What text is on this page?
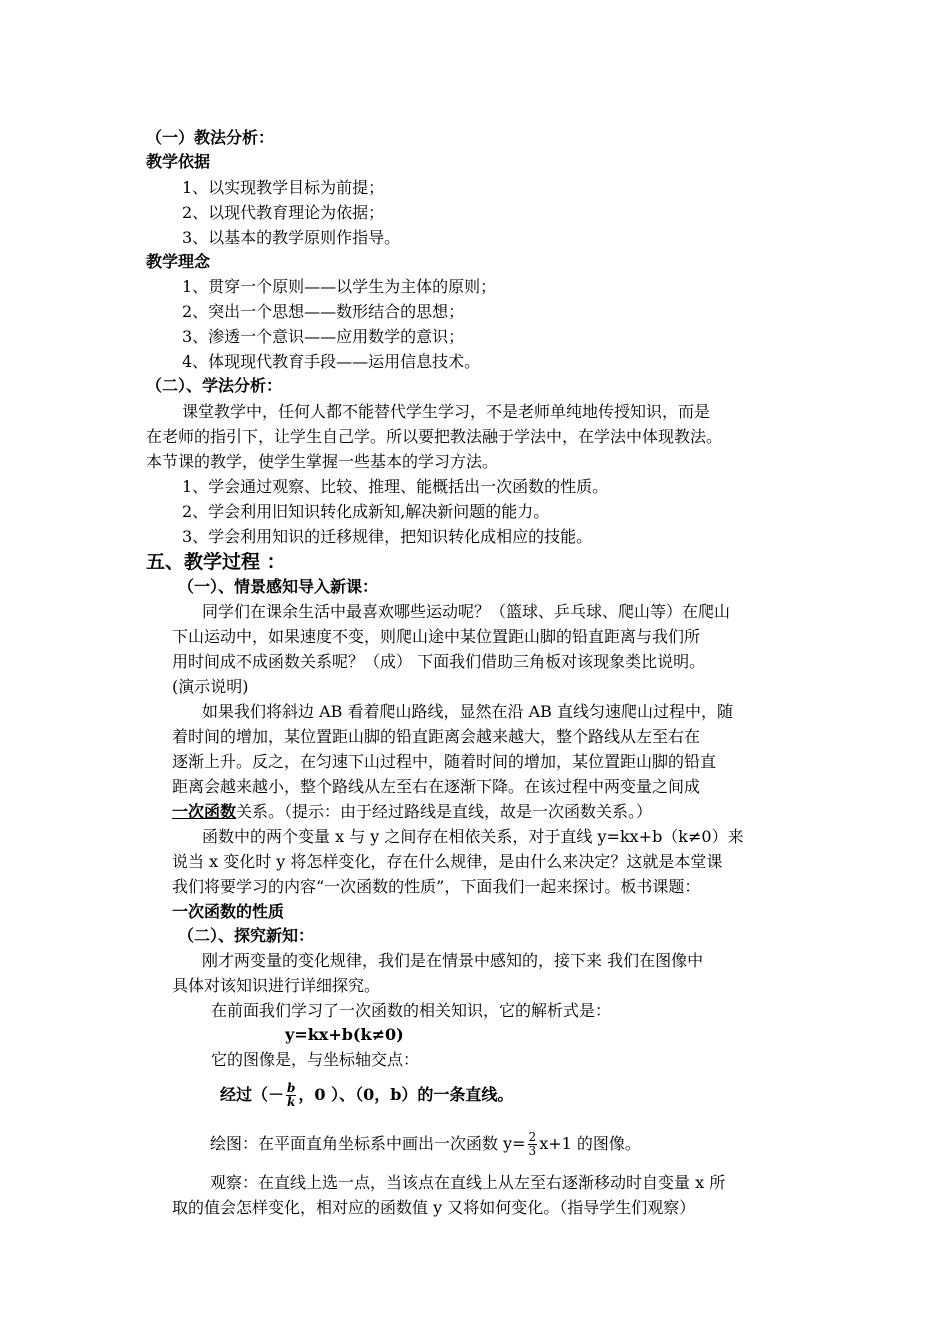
（一）教法分析：
教学依据
1、以实现教学目标为前提；
2、以现代教育理论为依据；
3、以基本的教学原则作指导。
教学理念
1、贯穿一个原则——以学生为主体的原则；
2、突出一个思想——数形结合的思想；
3、渗透一个意识——应用数学的意识；
4、体现现代教育手段——运用信息技术。
（二）、学法分析：
课堂教学中，任何人都不能替代学生学习，不是老师单纯地传授知识，而是
在老师的指引下，让学生自己学。所以要把教法融于学法中，在学法中体现教法。
本节课的教学，使学生掌握一些基本的学习方法。
1、学会通过观察、比较、推理、能概括出一次函数的性质。
2、学会利用旧知识转化成新知,解决新问题的能力。
3、学会利用知识的迁移规律，把知识转化成相应的技能。
五、教学过程 ：
（一）、情景感知导入新课：
同学们在课余生活中最喜欢哪些运动呢？（篮球、乒乓球、爬山等）在爬山
下山运动中，如果速度不变，则爬山途中某位置距山脚的铅直距离与我们所
用时间成不成函数关系呢？（成） 下面我们借助三角板对该现象类比说明。
(演示说明)
如果我们将斜边 AB 看着爬山路线，显然在沿 AB 直线匀速爬山过程中，随
着时间的增加，某位置距山脚的铅直距离会越来越大，整个路线从左至右在
逐渐上升。反之，在匀速下山过程中，随着时间的增加，某位置距山脚的铅直
距离会越来越小，整个路线从左至右在逐渐下降。在该过程中两变量之间成
一次函数关系。（提示：由于经过路线是直线，故是一次函数关系。）
函数中的两个变量 x 与 y 之间存在相依关系，对于直线 y=kx+b（k≠0）来
说当 x 变化时 y 将怎样变化，存在什么规律，是由什么来决定？这就是本堂课
我们将要学习的内容“一次函数的性质”，下面我们一起来探讨。板书课题：
一次函数的性质
（二）、探究新知：
刚才两变量的变化规律，我们是在情景中感知的，接下来 我们在图像中
具体对该知识进行详细探究。
在前面我们学习了一次函数的相关知识，它的解析式是：
y=kx+b(k≠0)
它的图像是，与坐标轴交点：
经过（－ $\frac{b}{k}$ ，0 ）、（0，b）的一条直线。
绘图：在平面直角坐标系中画出一次函数 $y= \frac{2}{3} x+1$ 的图像。
观察：在直线上选一点，当该点在直线上从左至右逐渐移动时自变量 x 所
取的值会怎样变化，相对应的函数值 y 又将如何变化。（指导学生们观察）
